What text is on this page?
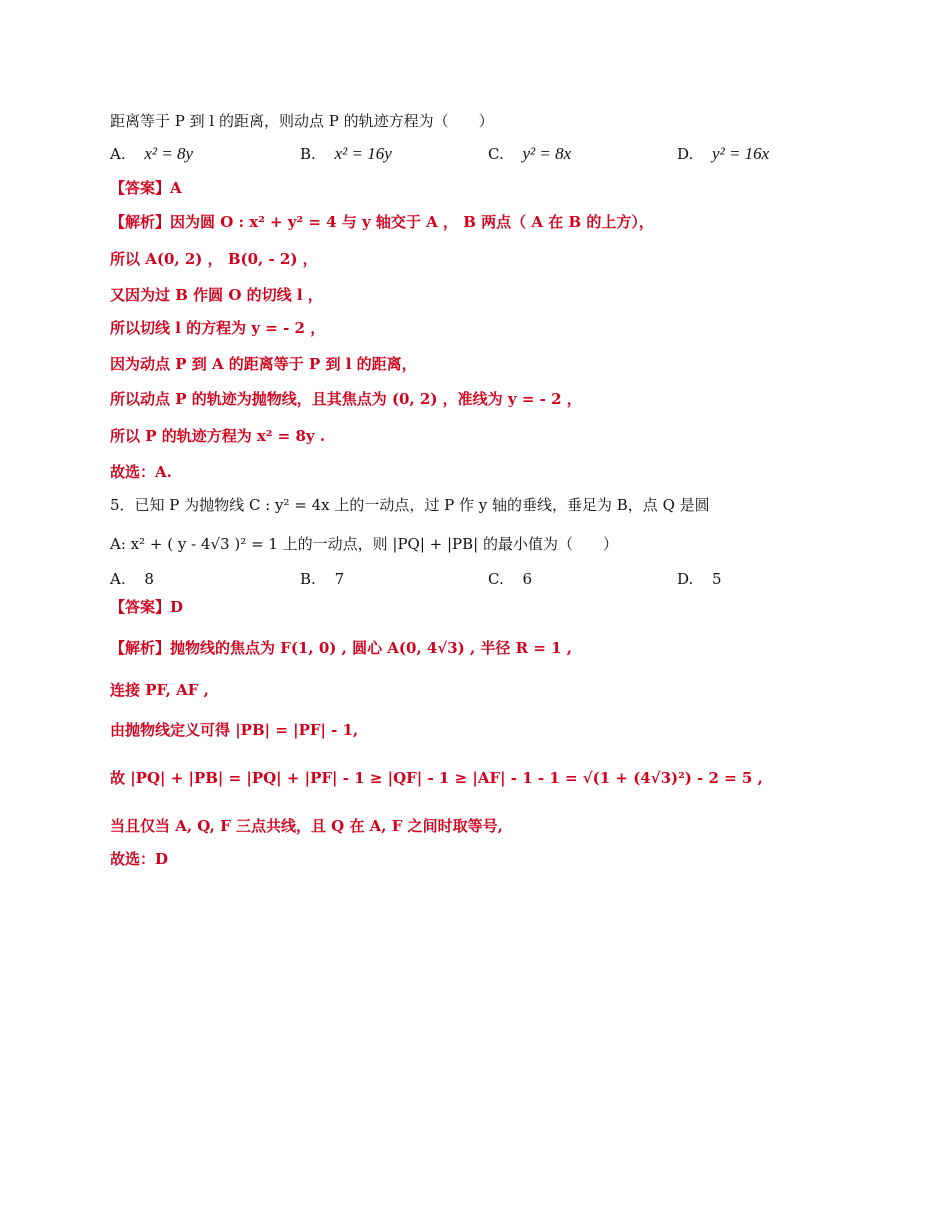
距离等于 P 到 l 的距离，则动点 P 的轨迹方程为（　　）
A. x² = 8y	B. x² = 16y	C. y² = 8x	D. y² = 16x
【答案】A
【解析】因为圆 O : x² + y² = 4 与 y 轴交于 A ， B 两点（ A 在 B 的上方），
所以 A(0, 2) ， B(0, - 2) ，
又因为过 B 作圆 O 的切线 l ，
所以切线 l 的方程为 y = - 2 ，
因为动点 P 到 A 的距离等于 P 到 l 的距离，
所以动点 P 的轨迹为抛物线，且其焦点为 (0, 2) ，准线为 y = - 2 ，
所以 P 的轨迹方程为 x² = 8y .
故选：A.
5．已知 P 为抛物线 C : y² = 4x 上的一动点，过 P 作 y 轴的垂线，垂足为 B，点 Q 是圆
A: x² + ( y - 4√3 )² = 1 上的一动点，则 |PQ| + |PB| 的最小值为（　　）
A. 8	B. 7	C. 6	D. 5
【答案】D
【解析】抛物线的焦点为 F(1, 0) , 圆心 A(0, 4√3) , 半径 R = 1 ,
连接 PF, AF ,
由抛物线定义可得 |PB| = |PF| - 1,
故 |PQ| + |PB| = |PQ| + |PF| - 1 ≥ |QF| - 1 ≥ |AF| - 1 - 1 = √(1 + (4√3)²) - 2 = 5 ,
当且仅当 A, Q, F 三点共线，且 Q 在 A, F 之间时取等号,
故选：D
